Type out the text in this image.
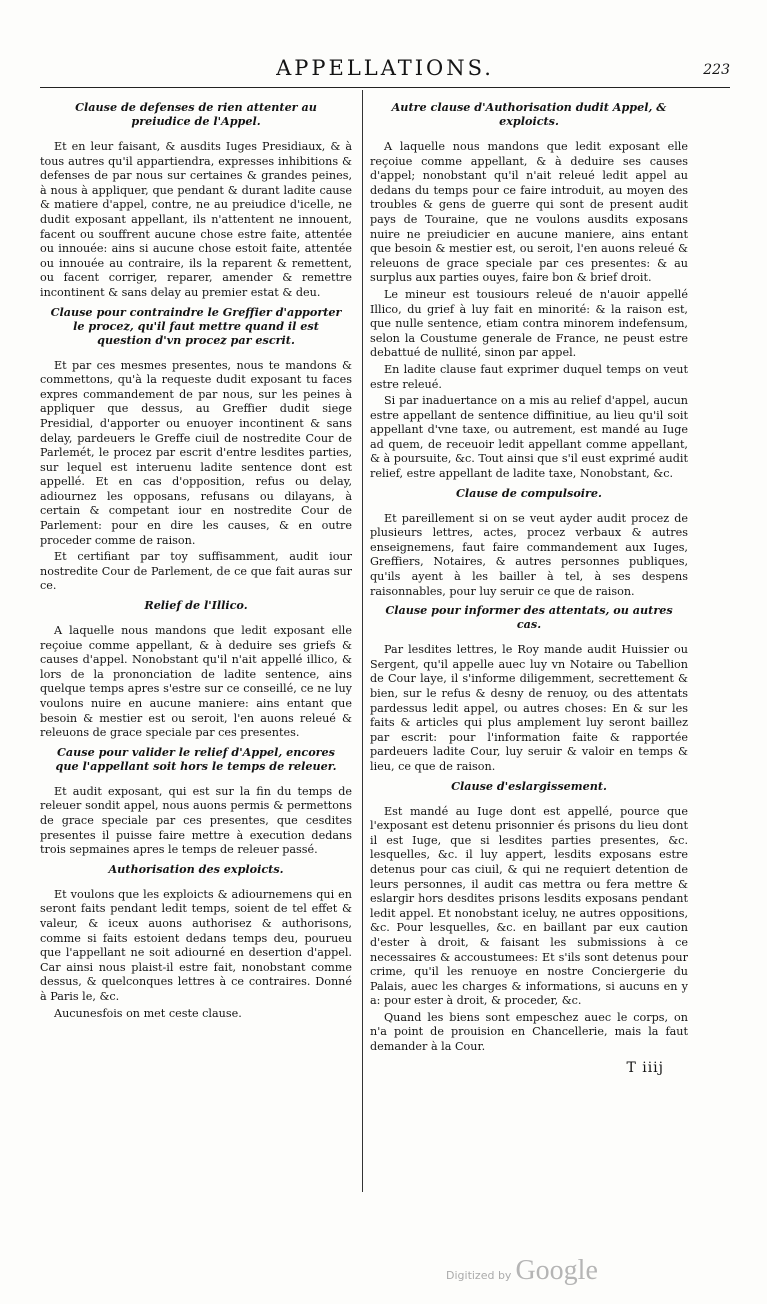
APPELLATIONS.	223
Clause de defenses de rien attenter au preiudice de l'Appel.
Et en leur faisant, & ausdits Iuges Presidiaux, & à tous autres qu'il appartiendra, expresses inhibitions & defenses de par nous sur certaines & grandes peines, à nous à appliquer, que pendant & durant ladite cause & matiere d'appel, contre, ne au preiudice d'icelle, ne dudit exposant appellant, ils n'attentent ne innouent, facent ou souffrent aucune chose estre faite, attentée ou innouée: ains si aucune chose estoit faite, attentée ou innouée au contraire, ils la reparent & remettent, ou facent corriger, reparer, amender & remettre incontinent & sans delay au premier estat & deu.
Clause pour contraindre le Greffier d'apporter le procez, qu'il faut mettre quand il est question d'vn procez par escrit.
Et par ces mesmes presentes, nous te mandons & commettons, qu'à la requeste dudit exposant tu faces expres commandement de par nous, sur les peines à appliquer que dessus, au Greffier dudit siege Presidial, d'apporter ou enuoyer incontinent & sans delay, pardeuers le Greffe ciuil de nostredite Cour de Parlemét, le procez par escrit d'entre lesdites parties, sur lequel est interuenu ladite sentence dont est appellé. Et en cas d'opposition, refus ou delay, adiournez les opposans, refusans ou dilayans, à certain & competant iour en nostredite Cour de Parlement: pour en dire les causes, & en outre proceder comme de raison.
Et certifiant par toy suffisamment, audit iour nostredite Cour de Parlement, de ce que fait auras sur ce.
Relief de l'Illico.
A laquelle nous mandons que ledit exposant elle reçoiue comme appellant, & à deduire ses griefs & causes d'appel. Nonobstant qu'il n'ait appellé illico, & lors de la prononciation de ladite sentence, ains quelque temps apres s'estre sur ce conseillé, ce ne luy voulons nuire en aucune maniere: ains entant que besoin & mestier est ou seroit, l'en auons releué & releuons de grace speciale par ces presentes.
Cause pour valider le relief d'Appel, encores que l'appellant soit hors le temps de releuer.
Et audit exposant, qui est sur la fin du temps de releuer sondit appel, nous auons permis & permettons de grace speciale par ces presentes, que cesdites presentes il puisse faire mettre à execution dedans trois sepmaines apres le temps de releuer passé.
Authorisation des exploicts.
Et voulons que les exploicts & adiournemens qui en seront faits pendant ledit temps, soient de tel effet & valeur, & iceux auons authorisez & authorisons, comme si faits estoient dedans temps deu, pourueu que l'appellant ne soit adiourné en desertion d'appel. Car ainsi nous plaist-il estre fait, nonobstant comme dessus, & quelconques lettres à ce contraires. Donné à Paris le, &c.
Aucunesfois on met ceste clause.
Autre clause d'Authorisation dudit Appel, & exploicts.
A laquelle nous mandons que ledit exposant elle reçoiue comme appellant, & à deduire ses causes d'appel; nonobstant qu'il n'ait releué ledit appel au dedans du temps pour ce faire introduit, au moyen des troubles & gens de guerre qui sont de present audit pays de Touraine, que ne voulons ausdits exposans nuire ne preiudicier en aucune maniere, ains entant que besoin & mestier est, ou seroit, l'en auons releué & releuons de grace speciale par ces presentes: & au surplus aux parties ouyes, faire bon & brief droit.
Le mineur est tousiours releué de n'auoir appellé Illico, du grief à luy fait en minorité: & la raison est, que nulle sentence, etiam contra minorem indefensum, selon la Coustume generale de France, ne peust estre debattué de nullité, sinon par appel.
En ladite clause faut exprimer duquel temps on veut estre releué.
Si par inaduertance on a mis au relief d'appel, aucun estre appellant de sentence diffinitiue, au lieu qu'il soit appellant d'vne taxe, ou autrement, est mandé au Iuge ad quem, de receuoir ledit appellant comme appellant, & à poursuite, &c. Tout ainsi que s'il eust exprimé audit relief, estre appellant de ladite taxe, Nonobstant, &c.
Clause de compulsoire.
Et pareillement si on se veut ayder audit procez de plusieurs lettres, actes, procez verbaux & autres enseignemens, faut faire commandement aux Iuges, Greffiers, Notaires, & autres personnes publiques, qu'ils ayent à les bailler à tel, à ses despens raisonnables, pour luy seruir ce que de raison.
Clause pour informer des attentats, ou autres cas.
Par lesdites lettres, le Roy mande audit Huissier ou Sergent, qu'il appelle auec luy vn Notaire ou Tabellion de Cour laye, il s'informe diligemment, secrettement & bien, sur le refus & desny de renuoy, ou des attentats pardessus ledit appel, ou autres choses: En & sur les faits & articles qui plus amplement luy seront baillez par escrit: pour l'information faite & rapportée pardeuers ladite Cour, luy seruir & valoir en temps & lieu, ce que de raison.
Clause d'eslargissement.
Est mandé au Iuge dont est appellé, pource que l'exposant est detenu prisonnier és prisons du lieu dont il est Iuge, que si lesdites parties presentes, &c. lesquelles, &c. il luy appert, lesdits exposans estre detenus pour cas ciuil, & qui ne requiert detention de leurs personnes, il audit cas mettra ou fera mettre & eslargir hors desdites prisons lesdits exposans pendant ledit appel. Et nonobstant iceluy, ne autres oppositions, &c. Pour lesquelles, &c. en baillant par eux caution d'ester à droit, & faisant les submissions à ce necessaires & accoustumees: Et s'ils sont detenus pour crime, qu'il les renuoye en nostre Conciergerie du Palais, auec les charges & informations, si aucuns en y a: pour ester à droit, & proceder, &c.
Quand les biens sont empeschez auec le corps, on n'a point de prouision en Chancellerie, mais la faut demander à la Cour.
T iiij
Digitized by Google
